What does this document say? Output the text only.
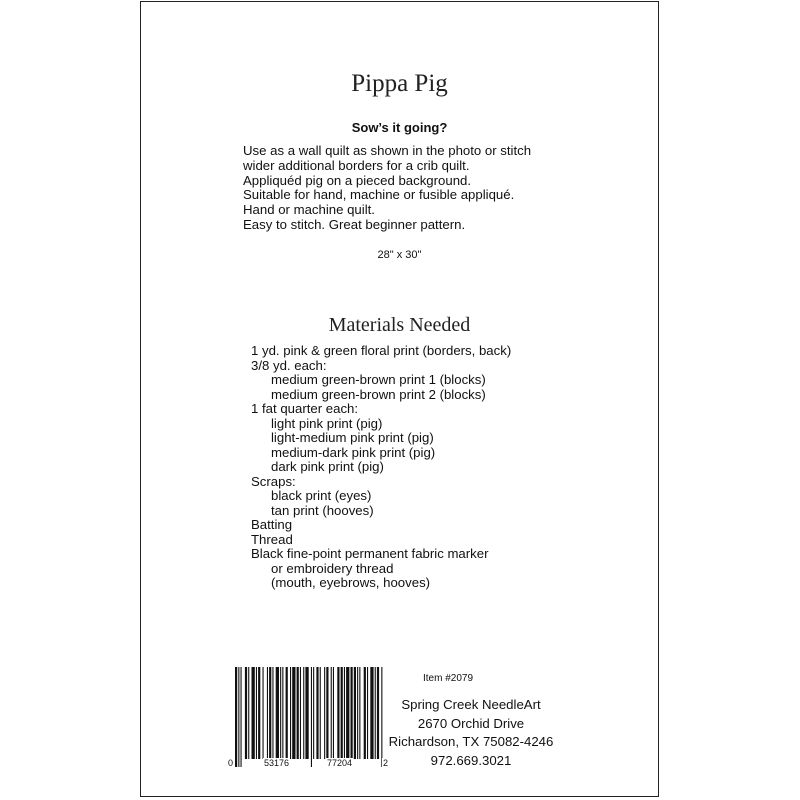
Pippa Pig
Sow’s it going?
Use as a wall quilt as shown in the photo or stitch
wider additional borders for a crib quilt.
Appliquéd pig on a pieced background.
Suitable for hand, machine or fusible appliqué.
Hand or machine quilt.
Easy to stitch. Great beginner pattern.
28" x 30"
Materials Needed
1 yd. pink & green floral print (borders, back)
3/8 yd. each:
medium green-brown print 1 (blocks)
medium green-brown print 2 (blocks)
1 fat quarter each:
light pink print (pig)
light-medium pink print (pig)
medium-dark pink print (pig)
dark pink print (pig)
Scraps:
black print (eyes)
tan print (hooves)
Batting
Thread
Black fine-point permanent fabric marker
or embroidery thread
(mouth, eyebrows, hooves)
0	53176	77204	2
Item #2079
Spring Creek NeedleArt
2670 Orchid Drive
Richardson, TX 75082-4246
972.669.3021
